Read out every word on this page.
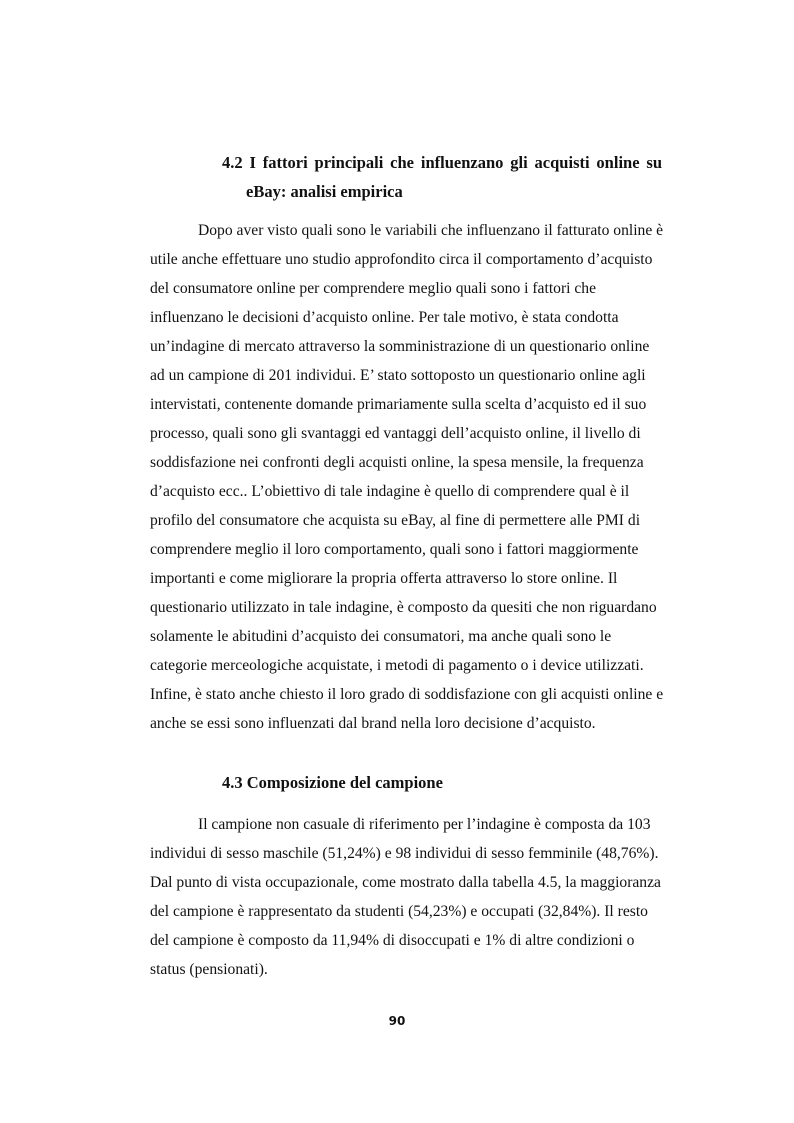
4.2 I fattori principali che influenzano gli acquisti online su
eBay: analisi empirica
Dopo aver visto quali sono le variabili che influenzano il fatturato online è
utile anche effettuare uno studio approfondito circa il comportamento d’acquisto
del consumatore online per comprendere meglio quali sono i fattori che
influenzano le decisioni d’acquisto online. Per tale motivo, è stata condotta
un’indagine di mercato attraverso la somministrazione di un questionario online
ad un campione di 201 individui. E’ stato sottoposto un questionario online agli
intervistati, contenente domande primariamente sulla scelta d’acquisto ed il suo
processo, quali sono gli svantaggi ed vantaggi dell’acquisto online, il livello di
soddisfazione nei confronti degli acquisti online, la spesa mensile, la frequenza
d’acquisto ecc.. L’obiettivo di tale indagine è quello di comprendere qual è il
profilo del consumatore che acquista su eBay, al fine di permettere alle PMI di
comprendere meglio il loro comportamento, quali sono i fattori maggiormente
importanti e come migliorare la propria offerta attraverso lo store online. Il
questionario utilizzato in tale indagine, è composto da quesiti che non riguardano
solamente le abitudini d’acquisto dei consumatori, ma anche quali sono le
categorie merceologiche acquistate, i metodi di pagamento o i device utilizzati.
Infine, è stato anche chiesto il loro grado di soddisfazione con gli acquisti online e
anche se essi sono influenzati dal brand nella loro decisione d’acquisto.
4.3 Composizione del campione
Il campione non casuale di riferimento per l’indagine è composta da 103
individui di sesso maschile (51,24%) e 98 individui di sesso femminile (48,76%).
Dal punto di vista occupazionale, come mostrato dalla tabella 4.5, la maggioranza
del campione è rappresentato da studenti (54,23%) e occupati (32,84%). Il resto
del campione è composto da 11,94% di disoccupati e 1% di altre condizioni o
status (pensionati).
90
